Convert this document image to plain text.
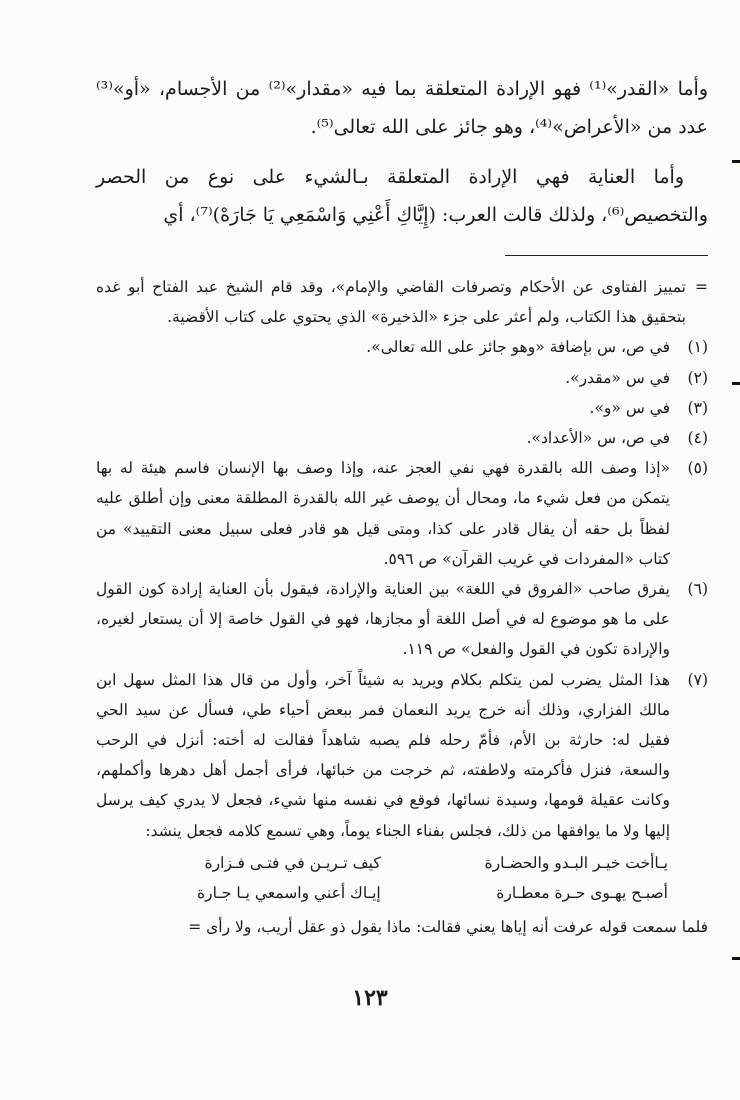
وأما «القدر»⁽¹⁾ فهو الإرادة المتعلقة بما فيه «مقدار»⁽²⁾ من الأجسام، «أو»⁽³⁾ عدد من «الأعراض»⁽⁴⁾، وهو جائز على الله تعالى⁽⁵⁾.

وأما العناية فهي الإرادة المتعلقة بـالشيء على نوع من الحصر والتخصيص⁽⁶⁾، ولذلك قالت العرب: (إِيَّاكِ أَعْنِي وَاسْمَعِي يَا جَارَهْ)⁽⁷⁾، أي

=
تمييز الفتاوى عن الأحكام وتصرفات القاضي والإمام»، وقد قام الشيخ عبد الفتاح أبو غده بتحقيق هذا الكتاب، ولم أعثر على جزء «الذخيرة» الذي يحتوي على كتاب الأقضية.

(١)
في ص، س بإضافة «وهو جائز على الله تعالى».

(٢)
في س «مقدر».

(٣)
في س «و».

(٤)
في ص، س «الأعداد».

(٥)
«إذا وصف الله بالقدرة فهي نفي العجز عنه، وإذا وصف بها الإنسان فاسم هيئة له بها يتمكن من فعل شيء ما، ومحال أن يوصف غير الله بالقدرة المطلقة معنى وإن أطلق عليه لفظاً بل حقه أن يقال قادر على كذا، ومتى قيل هو قادر فعلى سبيل معنى التقييد» من كتاب «المفردات في غريب القرآن» ص ٥٩٦.

(٦)
يفرق صاحب «الفروق في اللغة» بين العناية والإرادة، فيقول بأن العناية إرادة كون القول على ما هو موضوع له في أصل اللغة أو مجازها، فهو في القول خاصة إلا أن يستعار لغيره، والإرادة تكون في القول والفعل» ص ١١٩.

(٧)
هذا المثل يضرب لمن يتكلم بكلام ويريد به شيئاً آخر، وأول من قال هذا المثل سهل ابن مالك الفزاري، وذلك أنه خرج يريد النعمان فمر ببعض أحياء طي، فسأل عن سيد الحي فقيل له: حارثة بن الأم، فأمّ رحله فلم يصبه شاهداً فقالت له أخته: أنزل في الرحب والسعة، فنزل فأكرمته ولاطفته، ثم خرجت من خبائها، فرأى أجمل أهل دهرها وأكملهم، وكانت عقيلة قومها، وسيدة نسائها، فوقع في نفسه منها شيء، فجعل لا يدري كيف يرسل إليها ولا ما يوافقها من ذلك، فجلس بفناء الجناء يوماً، وهي تسمع كلامه فجعل ينشد:

يـاأخت خيـر البـدو والحضـارة
كيف تـريـن في فتـى فـزارة
أصبـح يهـوى حـرة معطـارة
إيـاك أعني واسمعي يـا جـارة

فلما سمعت قوله عرفت أنه إياها يعني فقالت: ماذا يقول ذو عقل أريب، ولا رأى =

١٢٣
